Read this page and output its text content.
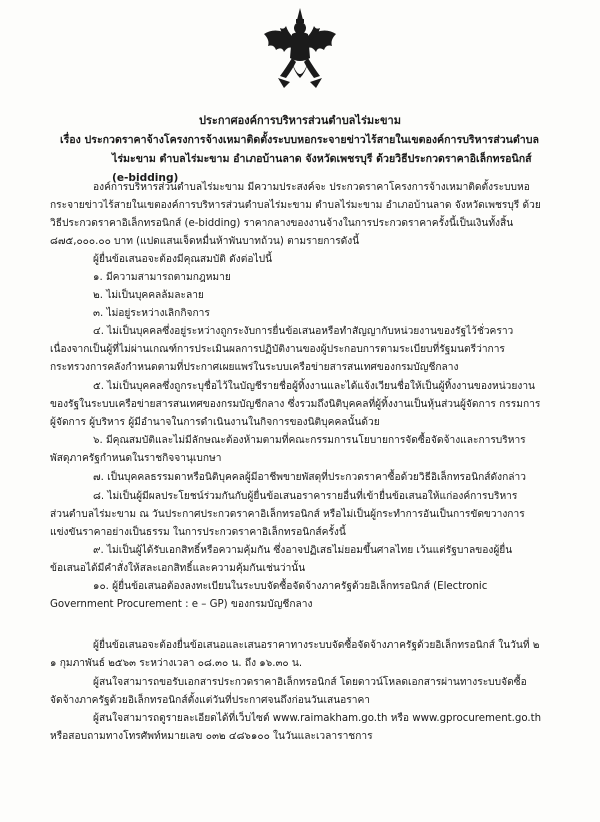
ประกาศองค์การบริหารส่วนตำบลไร่มะขาม
เรื่อง ประกวดราคาจ้างโครงการจ้างเหมาติดตั้งระบบหอกระจายข่าวไร้สายในเขตองค์การบริหารส่วนตำบล
ไร่มะขาม ตำบลไร่มะขาม อำเภอบ้านลาด จังหวัดเพชรบุรี ด้วยวิธีประกวดราคาอิเล็กทรอนิกส์ (e-bidding)

องค์การบริหารส่วนตำบลไร่มะขาม มีความประสงค์จะ ประกวดราคาโครงการจ้างเหมาติดตั้งระบบหอ

กระจายข่าวไร้สายในเขตองค์การบริหารส่วนตำบลไร่มะขาม ตำบลไร่มะขาม อำเภอบ้านลาด จังหวัดเพชรบุรี ด้วย

วิธีประกวดราคาอิเล็กทรอนิกส์ (e-bidding) ราคากลางของงานจ้างในการประกวดราคาครั้งนี้เป็นเงินทั้งสิ้น

๘๗๕,๐๐๐.๐๐ บาท (แปดแสนเจ็ดหมื่นห้าพันบาทถ้วน) ตามรายการดังนี้

ผู้ยื่นข้อเสนอจะต้องมีคุณสมบัติ ดังต่อไปนี้

๑. มีความสามารถตามกฎหมาย

๒. ไม่เป็นบุคคลล้มละลาย

๓. ไม่อยู่ระหว่างเลิกกิจการ

๔. ไม่เป็นบุคคลซึ่งอยู่ระหว่างถูกระงับการยื่นข้อเสนอหรือทำสัญญากับหน่วยงานของรัฐไว้ชั่วคราว

เนื่องจากเป็นผู้ที่ไม่ผ่านเกณฑ์การประเมินผลการปฏิบัติงานของผู้ประกอบการตามระเบียบที่รัฐมนตรีว่าการ

กระทรวงการคลังกำหนดตามที่ประกาศเผยแพร่ในระบบเครือข่ายสารสนเทศของกรมบัญชีกลาง

๕. ไม่เป็นบุคคลซึ่งถูกระบุชื่อไว้ในบัญชีรายชื่อผู้ทิ้งงานและได้แจ้งเวียนชื่อให้เป็นผู้ทิ้งงานของหน่วยงาน

ของรัฐในระบบเครือข่ายสารสนเทศของกรมบัญชีกลาง ซึ่งรวมถึงนิติบุคคลที่ผู้ทิ้งงานเป็นหุ้นส่วนผู้จัดการ กรรมการ

ผู้จัดการ ผู้บริหาร ผู้มีอำนาจในการดำเนินงานในกิจการของนิติบุคคลนั้นด้วย

๖. มีคุณสมบัติและไม่มีลักษณะต้องห้ามตามที่คณะกรรมการนโยบายการจัดซื้อจัดจ้างและการบริหาร

พัสดุภาครัฐกำหนดในราชกิจจานุเบกษา

๗. เป็นบุคคลธรรมดาหรือนิติบุคคลผู้มีอาชีพขายพัสดุที่ประกวดราคาซื้อด้วยวิธีอิเล็กทรอนิกส์ดังกล่าว

๘. ไม่เป็นผู้มีผลประโยชน์ร่วมกันกับผู้ยื่นข้อเสนอราคารายอื่นที่เข้ายื่นข้อเสนอให้แก่องค์การบริหาร

ส่วนตำบลไร่มะขาม ณ วันประกาศประกวดราคาอิเล็กทรอนิกส์ หรือไม่เป็นผู้กระทำการอันเป็นการขัดขวางการ

แข่งขันราคาอย่างเป็นธรรม ในการประกวดราคาอิเล็กทรอนิกส์ครั้งนี้

๙. ไม่เป็นผู้ได้รับเอกสิทธิ์หรือความคุ้มกัน ซึ่งอาจปฏิเสธไม่ยอมขึ้นศาลไทย เว้นแต่รัฐบาลของผู้ยื่น

ข้อเสนอได้มีคำสั่งให้สละเอกสิทธิ์และความคุ้มกันเช่นว่านั้น

๑๐. ผู้ยื่นข้อเสนอต้องลงทะเบียนในระบบจัดซื้อจัดจ้างภาครัฐด้วยอิเล็กทรอนิกส์ (Electronic

Government Procurement : e – GP) ของกรมบัญชีกลาง

ผู้ยื่นข้อเสนอจะต้องยื่นข้อเสนอและเสนอราคาทางระบบจัดซื้อจัดจ้างภาครัฐด้วยอิเล็กทรอนิกส์ ในวันที่ ๒

๑ กุมภาพันธ์ ๒๕๖๓ ระหว่างเวลา ๐๘.๓๐ น. ถึง ๑๖.๓๐ น.

ผู้สนใจสามารถขอรับเอกสารประกวดราคาอิเล็กทรอนิกส์ โดยดาวน์โหลดเอกสารผ่านทางระบบจัดซื้อ

จัดจ้างภาครัฐด้วยอิเล็กทรอนิกส์ตั้งแต่วันที่ประกาศจนถึงก่อนวันเสนอราคา

ผู้สนใจสามารถดูรายละเอียดได้ที่เว็บไซต์ www.raimakham.go.th หรือ www.gprocurement.go.th

หรือสอบถามทางโทรศัพท์หมายเลข ๐๓๒ ๔๘๖๑๐๐ ในวันและเวลาราชการ
